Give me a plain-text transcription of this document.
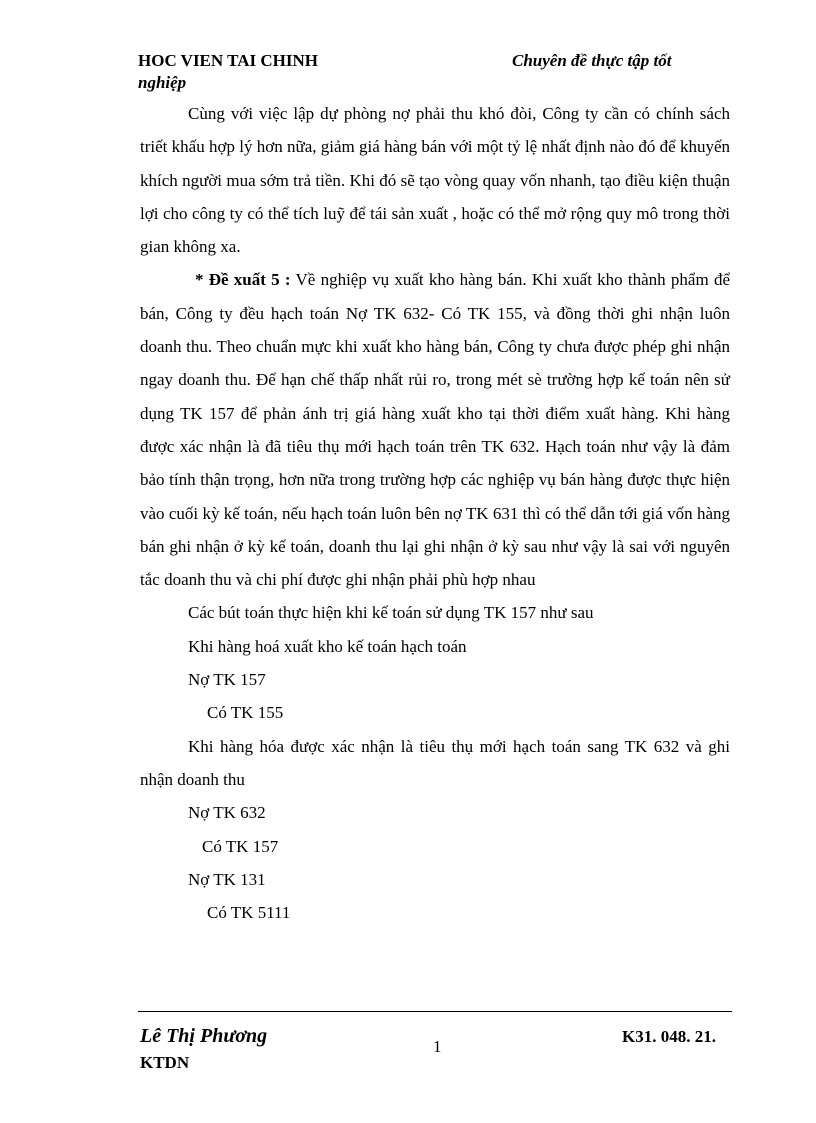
HOC VIEN TAI CHINH
nghiệp
Chuyên đề thực tập tốt

Cùng với việc lập dự phòng nợ phải thu khó đòi, Công ty cần có chính sách triết khấu hợp lý hơn nữa, giảm giá hàng bán với một tỷ lệ nhất định nào đó để khuyến khích người mua sớm trả tiền. Khi đó sẽ tạo vòng quay vốn nhanh, tạo điều kiện thuận lợi cho công ty có thể tích luỹ để tái sản xuất , hoặc có thể mở rộng quy mô trong thời gian không xa.

* Đề xuất 5 : Về nghiệp vụ xuất kho hàng bán. Khi xuất kho thành phẩm để bán, Công ty đều hạch toán Nợ TK 632- Có TK 155, và đồng thời ghi nhận luôn doanh thu. Theo chuẩn mực khi xuất kho hàng bán, Công ty chưa được phép ghi nhận ngay doanh thu. Để hạn chế thấp nhất rủi ro, trong mét sè trường hợp kế toán nên sử dụng TK 157 để phản ánh trị giá hàng xuất kho tại thời điểm xuất hàng. Khi hàng được xác nhận là đã tiêu thụ mới hạch toán trên TK 632. Hạch toán như vậy là đảm bảo tính thận trọng, hơn nữa trong trường hợp các nghiệp vụ bán hàng được thực hiện vào cuối kỳ kế toán, nếu hạch toán luôn bên nợ TK 631 thì có thể dẫn tới giá vốn hàng bán ghi nhận ở kỳ kế toán, doanh thu lại ghi nhận ở kỳ sau như vậy là sai với nguyên tắc doanh thu và chi phí được ghi nhận phải phù hợp nhau

Các bút toán thực hiện khi kế toán sử dụng TK 157 như sau

Khi hàng hoá xuất kho kế toán hạch toán

Nợ TK 157

Có TK 155

Khi hàng hóa được xác nhận là tiêu thụ mới hạch toán sang TK 632 và ghi nhận doanh thu

Nợ TK 632

Có TK 157

Nợ TK 131

Có TK 5111

Lê Thị Phương
KTDN
1
K31. 048. 21.
